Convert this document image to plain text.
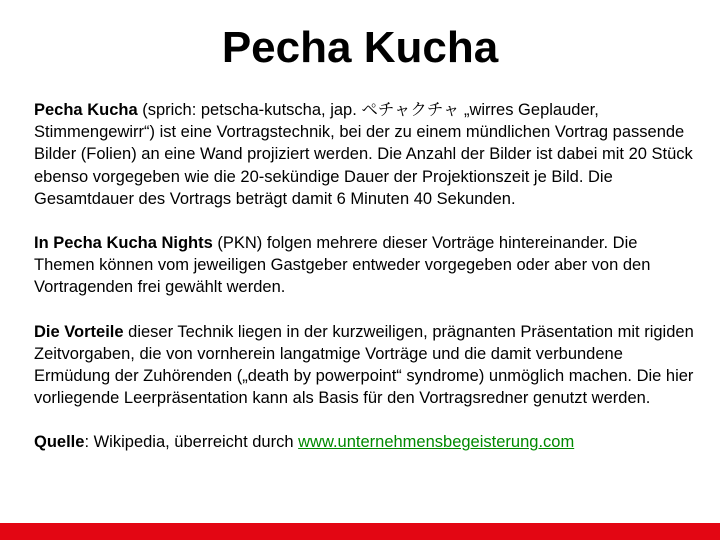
Pecha Kucha

Pecha Kucha (sprich: petscha-kutscha, jap. ペチャクチャ „wirres Geplauder, Stimmengewirr“) ist eine Vortragstechnik, bei der zu einem mündlichen Vortrag passende Bilder (Folien) an eine Wand projiziert werden. Die Anzahl der Bilder ist dabei mit 20 Stück ebenso vorgegeben wie die 20-sekündige Dauer der Projektionszeit je Bild. Die Gesamtdauer des Vortrags beträgt damit 6 Minuten 40 Sekunden.

In Pecha Kucha Nights (PKN) folgen mehrere dieser Vorträge hintereinander. Die Themen können vom jeweiligen Gastgeber entweder vorgegeben oder aber von den Vortragenden frei gewählt werden.

Die Vorteile dieser Technik liegen in der kurzweiligen, prägnanten Präsentation mit rigiden Zeitvorgaben, die von vornherein langatmige Vorträge und die damit verbundene Ermüdung der Zuhörenden („death by powerpoint“ syndrome) unmöglich machen. Die hier vorliegende Leerpräsentation kann als Basis für den Vortragsredner genutzt werden.

Quelle: Wikipedia, überreicht durch www.unternehmensbegeisterung.com
